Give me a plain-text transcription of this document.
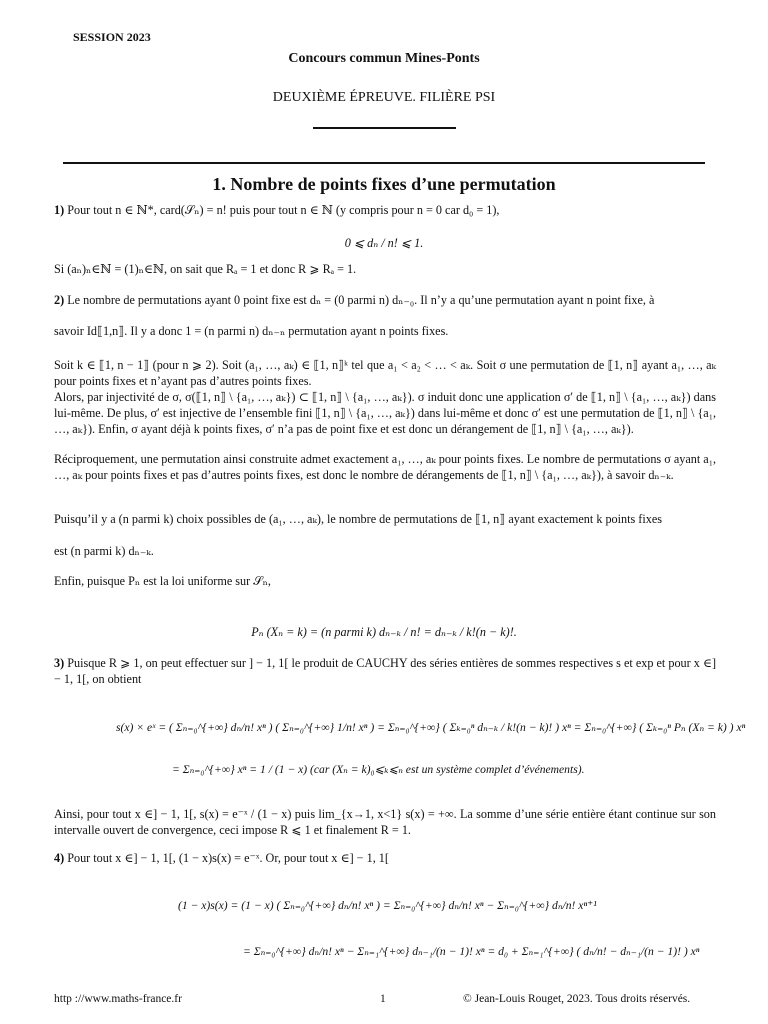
SESSION 2023
Concours commun Mines-Ponts
DEUXIÈME ÉPREUVE. FILIÈRE PSI
1. Nombre de points fixes d’une permutation
1) Pour tout n ∈ ℕ*, card(𝒮ₙ) = n! puis pour tout n ∈ ℕ (y compris pour n = 0 car d₀ = 1),
0 ⩽ dₙ / n! ⩽ 1.
Si (aₙ)ₙ∈ℕ = (1)ₙ∈ℕ, on sait que Rₐ = 1 et donc R ⩾ Rₐ = 1.
2) Le nombre de permutations ayant 0 point fixe est dₙ = (0 parmi n) dₙ₋₀. Il n’y a qu’une permutation ayant n point fixe, à
savoir Id⟦1,n⟧. Il y a donc 1 = (n parmi n) dₙ₋ₙ permutation ayant n points fixes.
Soit k ∈ ⟦1, n − 1⟧ (pour n ⩾ 2). Soit (a₁, …, aₖ) ∈ ⟦1, n⟧ᵏ tel que a₁ < a₂ < … < aₖ. Soit σ une permutation de ⟦1, n⟧ ayant a₁, …, aₖ pour points fixes et n’ayant pas d’autres points fixes.
Alors, par injectivité de σ, σ(⟦1, n⟧ \ {a₁, …, aₖ}) ⊂ ⟦1, n⟧ \ {a₁, …, aₖ}). σ induit donc une application σ′ de ⟦1, n⟧ \ {a₁, …, aₖ}) dans lui-même. De plus, σ′ est injective de l’ensemble fini ⟦1, n⟧ \ {a₁, …, aₖ}) dans lui-même et donc σ′ est une permutation de ⟦1, n⟧ \ {a₁, …, aₖ}). Enfin, σ ayant déjà k points fixes, σ′ n’a pas de point fixe et est donc un dérangement de ⟦1, n⟧ \ {a₁, …, aₖ}).
Réciproquement, une permutation ainsi construite admet exactement a₁, …, aₖ pour points fixes. Le nombre de permutations σ ayant a₁, …, aₖ pour points fixes et pas d’autres points fixes, est donc le nombre de dérangements de ⟦1, n⟧ \ {a₁, …, aₖ}), à savoir dₙ₋ₖ.
Puisqu’il y a (n parmi k) choix possibles de (a₁, …, aₖ), le nombre de permutations de ⟦1, n⟧ ayant exactement k points fixes
est (n parmi k) dₙ₋ₖ.
Enfin, puisque Pₙ est la loi uniforme sur 𝒮ₙ,
Pₙ (Xₙ = k) = (n parmi k) dₙ₋ₖ / n! = dₙ₋ₖ / k!(n − k)!.
3) Puisque R ⩾ 1, on peut effectuer sur ] − 1, 1[ le produit de CAUCHY des séries entières de sommes respectives s et exp et pour x ∈] − 1, 1[, on obtient
s(x) × eˣ = ( Σₙ₌₀^{+∞} dₙ/n! xⁿ ) ( Σₙ₌₀^{+∞} 1/n! xⁿ ) = Σₙ₌₀^{+∞} ( Σₖ₌₀ⁿ dₙ₋ₖ / k!(n − k)! ) xⁿ = Σₙ₌₀^{+∞} ( Σₖ₌₀ⁿ Pₙ (Xₙ = k) ) xⁿ
= Σₙ₌₀^{+∞} xⁿ = 1 / (1 − x) (car (Xₙ = k)₀⩽ₖ⩽ₙ est un système complet d’événements).
Ainsi, pour tout x ∈] − 1, 1[, s(x) = e⁻ˣ / (1 − x) puis lim_{x→1, x<1} s(x) = +∞. La somme d’une série entière étant continue sur son intervalle ouvert de convergence, ceci impose R ⩽ 1 et finalement R = 1.
4) Pour tout x ∈] − 1, 1[, (1 − x)s(x) = e⁻ˣ. Or, pour tout x ∈] − 1, 1[
(1 − x)s(x) = (1 − x) ( Σₙ₌₀^{+∞} dₙ/n! xⁿ ) = Σₙ₌₀^{+∞} dₙ/n! xⁿ − Σₙ₌₀^{+∞} dₙ/n! xⁿ⁺¹
= Σₙ₌₀^{+∞} dₙ/n! xⁿ − Σₙ₌₁^{+∞} dₙ₋₁/(n − 1)! xⁿ = d₀ + Σₙ₌₁^{+∞} ( dₙ/n! − dₙ₋₁/(n − 1)! ) xⁿ
http ://www.maths-france.fr	1	© Jean-Louis Rouget, 2023. Tous droits réservés.
